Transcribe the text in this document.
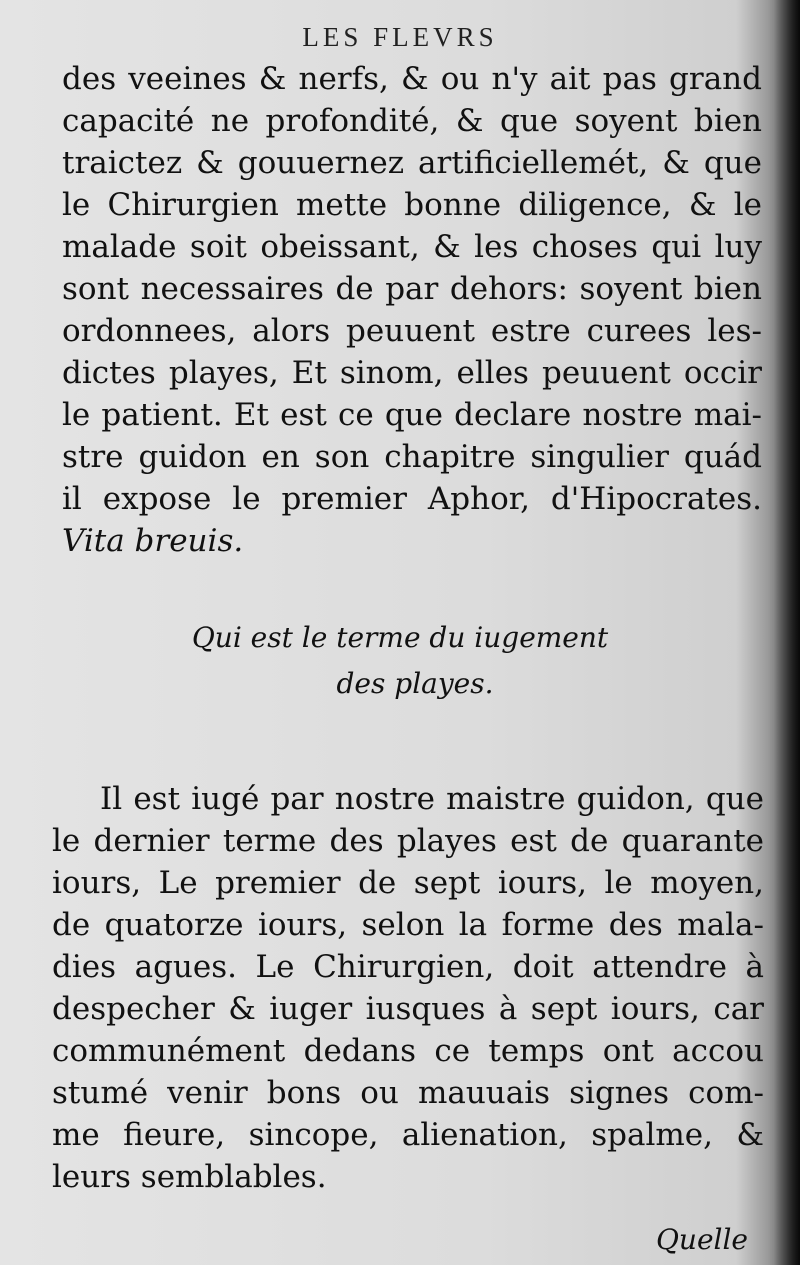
LES FLEVRS
des veeines & nerfs, & ou n'y ait pas grand
capacité ne profondité, & que soyent bien
traictez & gouuernez artificiellemét, & que
le Chirurgien mette bonne diligence, & le
malade soit obeissant, & les choses qui luy
sont necessaires de par dehors: soyent bien
ordonnees, alors peuuent estre curees les-
dictes playes, Et sinom, elles peuuent occir
le patient. Et est ce que declare nostre mai-
stre guidon en son chapitre singulier quád
il expose le premier Aphor, d'Hipocrates.
Vita breuis.
Qui est le terme du iugement
des playes.
Il est iugé par nostre maistre guidon, que
le dernier terme des playes est de quarante
iours, Le premier de sept iours, le moyen,
de quatorze iours, selon la forme des mala-
dies agues. Le Chirurgien, doit attendre à
despecher & iuger iusques à sept iours, car
communément dedans ce temps ont accou
stumé venir bons ou mauuais signes com-
me fieure, sincope, alienation, spalme, &
leurs semblables.
Quelle
